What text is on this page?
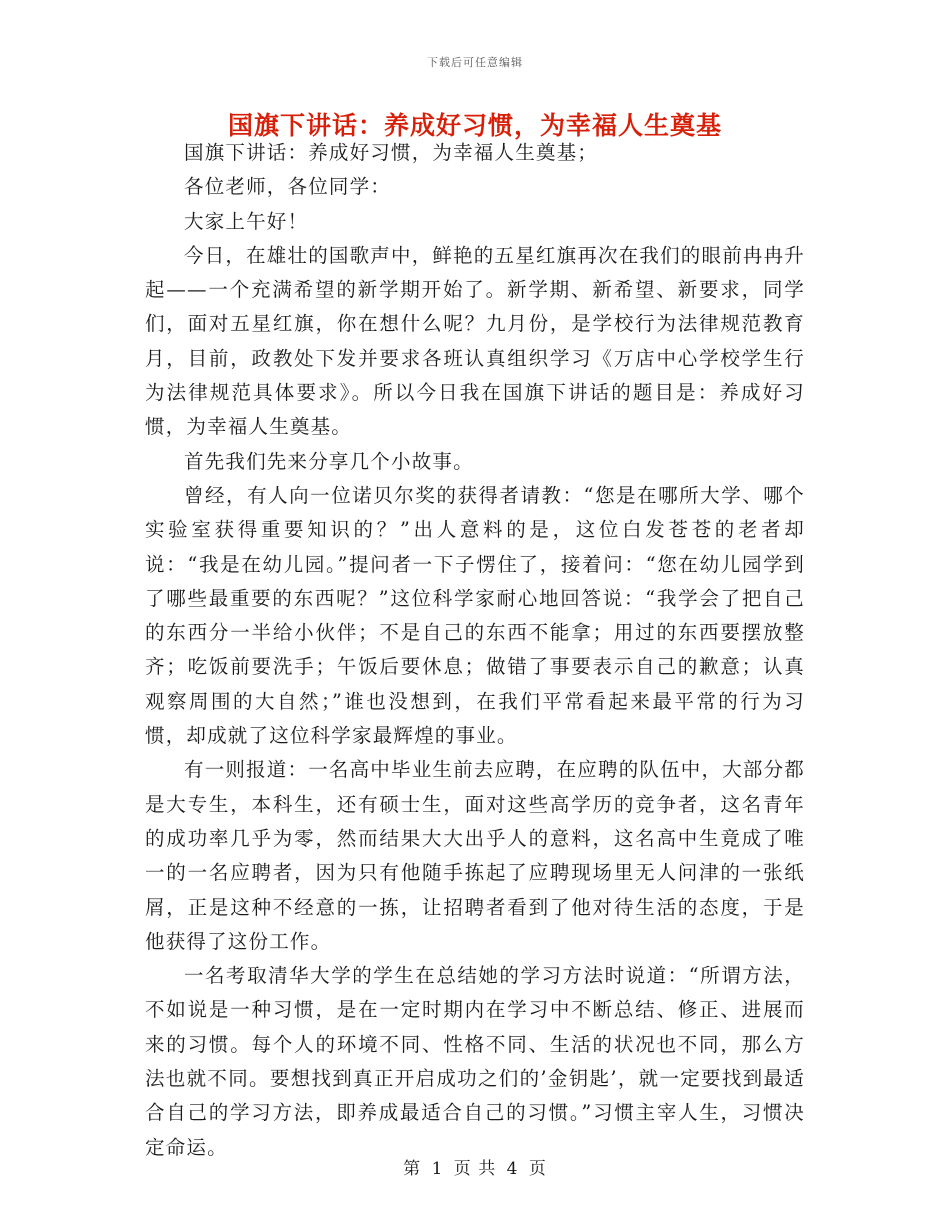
下载后可任意编辑
国旗下讲话：养成好习惯，为幸福人生奠基

国旗下讲话：养成好习惯，为幸福人生奠基；

各位老师，各位同学：

大家上午好！

今日，在雄壮的国歌声中，鲜艳的五星红旗再次在我们的眼前冉冉升起——一个充满希望的新学期开始了。新学期、新希望、新要求，同学们，面对五星红旗，你在想什么呢？九月份，是学校行为法律规范教育月，目前，政教处下发并要求各班认真组织学习《万店中心学校学生行为法律规范具体要求》。所以今日我在国旗下讲话的题目是：养成好习惯，为幸福人生奠基。

首先我们先来分享几个小故事。

曾经，有人向一位诺贝尔奖的获得者请教：“您是在哪所大学、哪个实验室获得重要知识的？”出人意料的是，这位白发苍苍的老者却说：“我是在幼儿园。”提问者一下子愣住了，接着问：“您在幼儿园学到了哪些最重要的东西呢？”这位科学家耐心地回答说：“我学会了把自己的东西分一半给小伙伴；不是自己的东西不能拿；用过的东西要摆放整齐；吃饭前要洗手；午饭后要休息；做错了事要表示自己的歉意；认真观察周围的大自然；”谁也没想到，在我们平常看起来最平常的行为习惯，却成就了这位科学家最辉煌的事业。

有一则报道：一名高中毕业生前去应聘，在应聘的队伍中，大部分都是大专生，本科生，还有硕士生，面对这些高学历的竞争者，这名青年的成功率几乎为零，然而结果大大出乎人的意料，这名高中生竟成了唯一的一名应聘者，因为只有他随手拣起了应聘现场里无人问津的一张纸屑，正是这种不经意的一拣，让招聘者看到了他对待生活的态度，于是他获得了这份工作。

一名考取清华大学的学生在总结她的学习方法时说道：“所谓方法，不如说是一种习惯，是在一定时期内在学习中不断总结、修正、进展而来的习惯。每个人的环境不同、性格不同、生活的状况也不同，那么方法也就不同。要想找到真正开启成功之们的’金钥匙’，就一定要找到最适合自己的学习方法，即养成最适合自己的习惯。”习惯主宰人生，习惯决定命运。

第 1 页 共 4 页
